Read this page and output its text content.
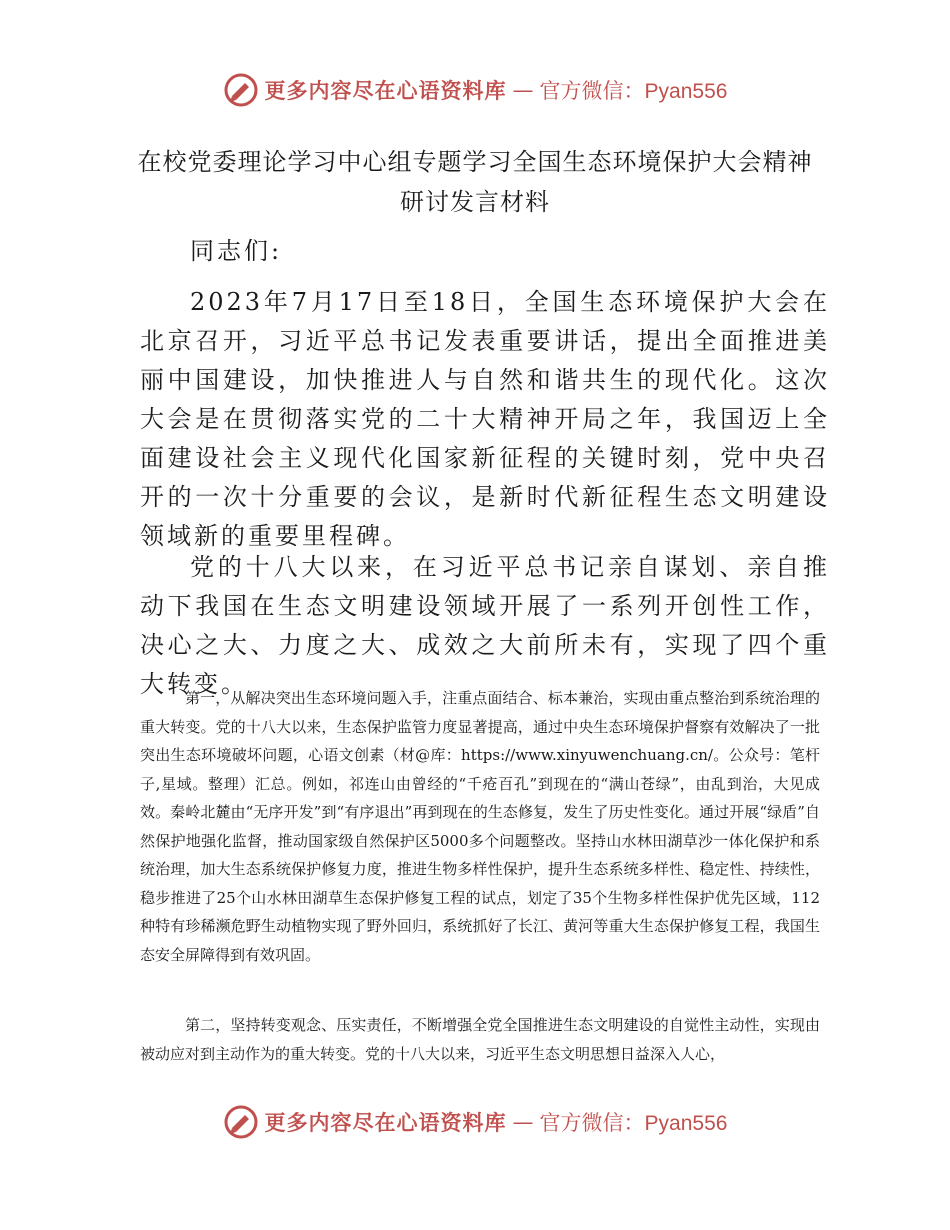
更多内容尽在心语资料库 — 官方微信：Pyan556
在校党委理论学习中心组专题学习全国生态环境保护大会精神
研讨发言材料

同志们:

2023年7月17日至18日，全国生态环境保护大会在北京召开，习近平总书记发表重要讲话，提出全面推进美丽中国建设，加快推进人与自然和谐共生的现代化。这次大会是在贯彻落实党的二十大精神开局之年，我国迈上全面建设社会主义现代化国家新征程的关键时刻，党中央召开的一次十分重要的会议，是新时代新征程生态文明建设领域新的重要里程碑。

党的十八大以来，在习近平总书记亲自谋划、亲自推动下我国在生态文明建设领域开展了一系列开创性工作，决心之大、力度之大、成效之大前所未有，实现了四个重大转变。

第一，从解决突出生态环境问题入手，注重点面结合、标本兼治，实现由重点整治到系统治理的重大转变。党的十八大以来，生态保护监管力度显著提高，通过中央生态环境保护督察有效解决了一批突出生态环境破坏问题，心语文创素（材@库：https://www.xinyuwenchuang.cn/。公众号：笔杆子,星域。整理）汇总。例如，祁连山由曾经的“千疮百孔”到现在的“满山苍绿”，由乱到治，大见成效。秦岭北麓由“无序开发”到“有序退出”再到现在的生态修复，发生了历史性变化。通过开展“绿盾”自然保护地强化监督，推动国家级自然保护区5000多个问题整改。坚持山水林田湖草沙一体化保护和系统治理，加大生态系统保护修复力度，推进生物多样性保护，提升生态系统多样性、稳定性、持续性，稳步推进了25个山水林田湖草生态保护修复工程的试点，划定了35个生物多样性保护优先区域，112种特有珍稀濒危野生动植物实现了野外回归，系统抓好了长江、黄河等重大生态保护修复工程，我国生态安全屏障得到有效巩固。

第二，坚持转变观念、压实责任，不断增强全党全国推进生态文明建设的自觉性主动性，实现由被动应对到主动作为的重大转变。党的十八大以来，习近平生态文明思想日益深入人心，

更多内容尽在心语资料库 — 官方微信：Pyan556
